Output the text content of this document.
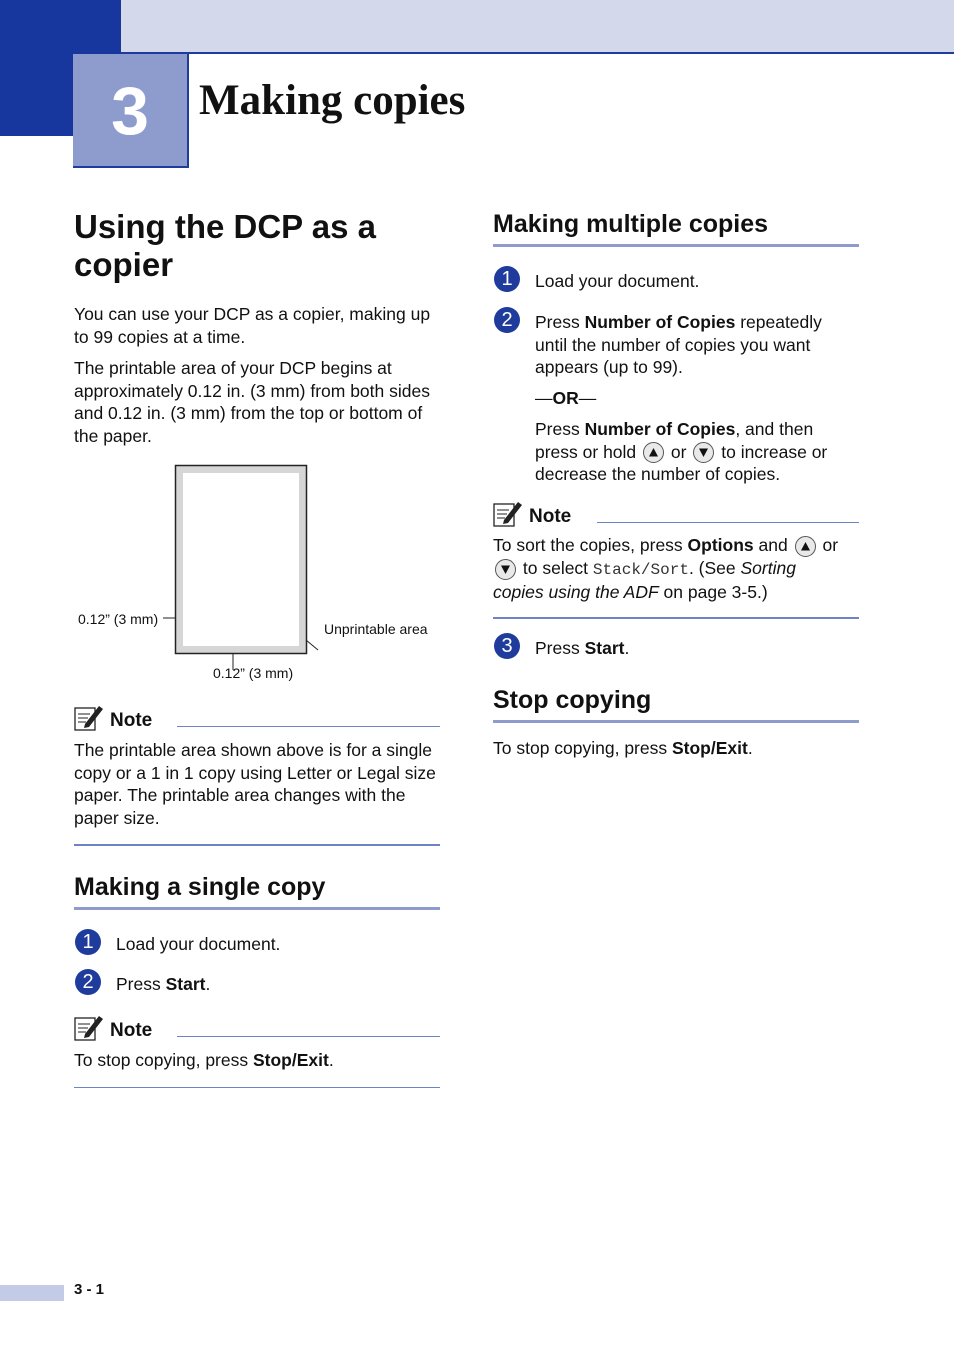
3	Making copies
Using the DCP as a copier

You can use your DCP as a copier, making up to 99 copies at a time.

The printable area of your DCP begins at approximately 0.12 in. (3 mm) from both sides and 0.12 in. (3 mm) from the top or bottom of the paper.

0.12” (3 mm)
0.12” (3 mm)
Unprintable area
Note

The printable area shown above is for a single copy or a 1 in 1 copy using Letter or Legal size paper. The printable area changes with the paper size.

Making a single copy
1	Load your document.
2	Press Start.
Note
To stop copying, press Stop/Exit.
Making multiple copies
1	Load your document.
2	Press Number of Copies repeatedly
until the number of copies you want
appears (up to 99).
—OR—
Press Number of Copies, and then
press or hold or to increase or
decrease the number of copies.
Note
To sort the copies, press Options and or
to select Stack/Sort. (See Sorting
copies using the ADF on page 3-5.)
3	Press Start.
Stop copying
To stop copying, press Stop/Exit.
3 - 1
